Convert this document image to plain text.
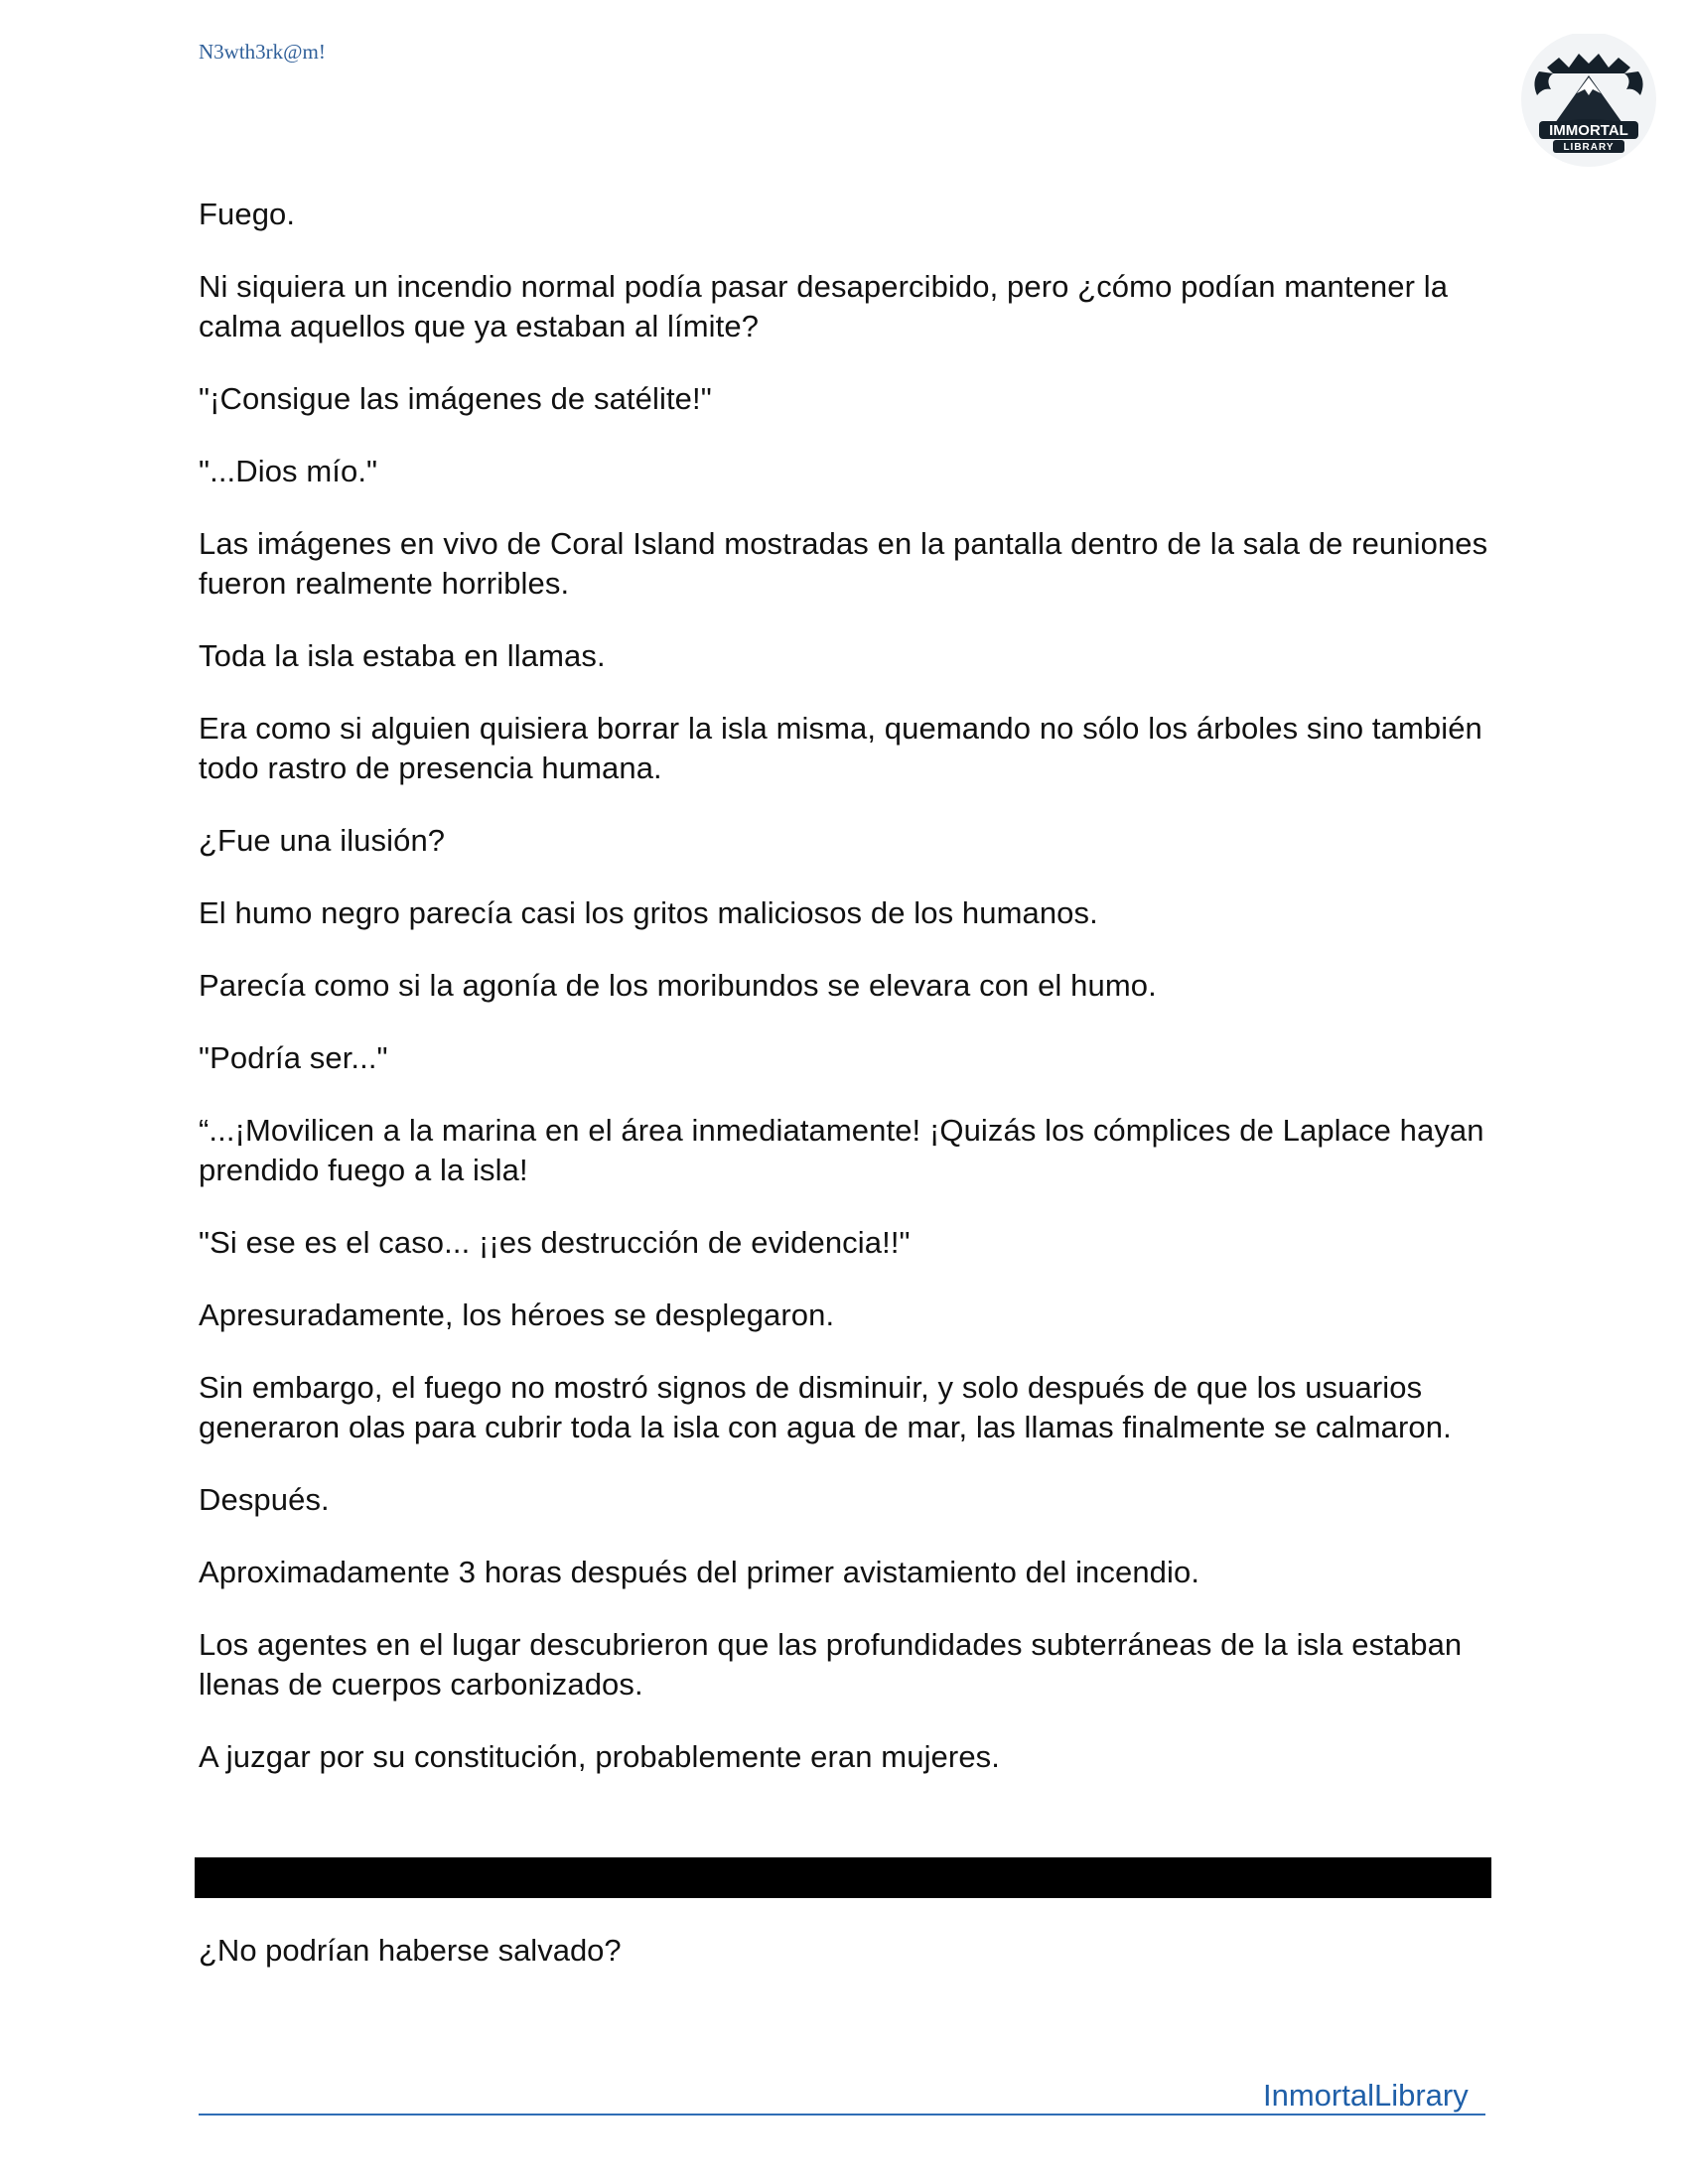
N3wth3rk@m!
IMMORTAL
LIBRARY

Fuego.

Ni siquiera un incendio normal podía pasar desapercibido, pero ¿cómo podían mantener la calma aquellos que ya estaban al límite?

"¡Consigue las imágenes de satélite!"

"...Dios mío."

Las imágenes en vivo de Coral Island mostradas en la pantalla dentro de la sala de reuniones fueron realmente horribles.

Toda la isla estaba en llamas.

Era como si alguien quisiera borrar la isla misma, quemando no sólo los árboles sino también todo rastro de presencia humana.

¿Fue una ilusión?

El humo negro parecía casi los gritos maliciosos de los humanos.

Parecía como si la agonía de los moribundos se elevara con el humo.

"Podría ser..."

“...¡Movilicen a la marina en el área inmediatamente! ¡Quizás los cómplices de Laplace hayan prendido fuego a la isla!

"Si ese es el caso... ¡¡es destrucción de evidencia!!"

Apresuradamente, los héroes se desplegaron.

Sin embargo, el fuego no mostró signos de disminuir, y solo después de que los usuarios generaron olas para cubrir toda la isla con agua de mar, las llamas finalmente se calmaron.

Después.

Aproximadamente 3 horas después del primer avistamiento del incendio.

Los agentes en el lugar descubrieron que las profundidades subterráneas de la isla estaban llenas de cuerpos carbonizados.

A juzgar por su constitución, probablemente eran mujeres.

¿No podrían haberse salvado?

InmortalLibrary
